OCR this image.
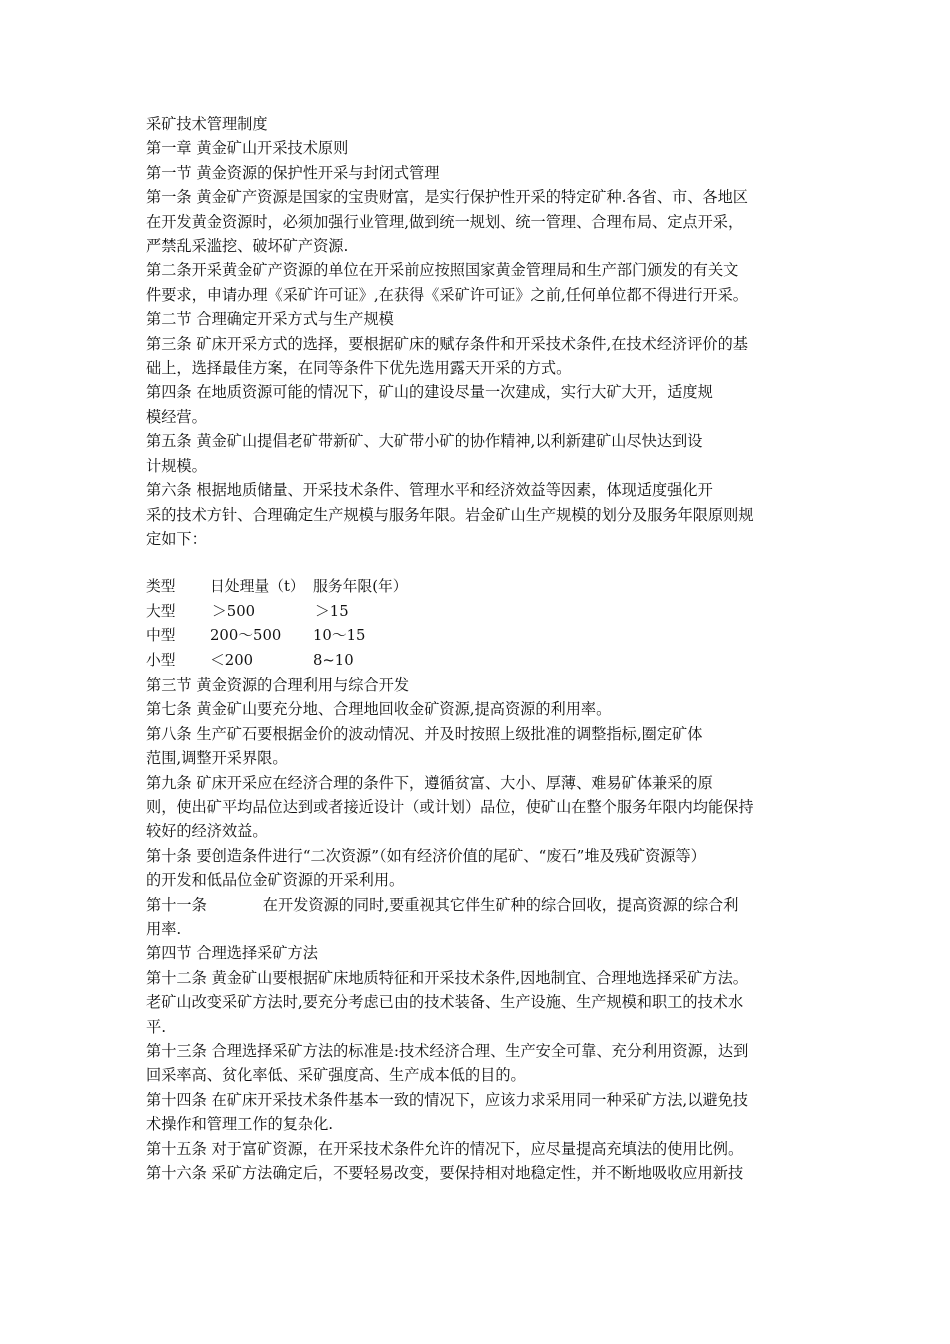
采矿技术管理制度
第一章 黄金矿山开采技术原则
第一节 黄金资源的保护性开采与封闭式管理
第一条 黄金矿产资源是国家的宝贵财富，是实行保护性开采的特定矿种.各省、市、各地区
在开发黄金资源时，必须加强行业管理,做到统一规划、统一管理、合理布局、定点开采，
严禁乱采滥挖、破坏矿产资源.
第二条开采黄金矿产资源的单位在开采前应按照国家黄金管理局和生产部门颁发的有关文
件要求，申请办理《采矿许可证》,在获得《采矿许可证》之前,任何单位都不得进行开采。
第二节 合理确定开采方式与生产规模
第三条 矿床开采方式的选择，要根据矿床的赋存条件和开采技术条件,在技术经济评价的基
础上，选择最佳方案，在同等条件下优先选用露天开采的方式。
第四条 在地质资源可能的情况下，矿山的建设尽量一次建成，实行大矿大开，适度规
模经营。
第五条 黄金矿山提倡老矿带新矿、大矿带小矿的协作精神,以利新建矿山尽快达到设
计规模。
第六条 根据地质储量、开采技术条件、管理水平和经济效益等因素，体现适度强化开
采的技术方针、合理确定生产规模与服务年限。岩金矿山生产规模的划分及服务年限原则规
定如下：
类型 日处理量（t） 服务年限(年）
大型 ＞500	＞15
中型 200～500 10～15
小型 ＜200	8~10
第三节 黄金资源的合理利用与综合开发
第七条 黄金矿山要充分地、合理地回收金矿资源,提高资源的利用率。
第八条 生产矿石要根据金价的波动情况、并及时按照上级批准的调整指标,圈定矿体
范围,调整开采界限。
第九条 矿床开采应在经济合理的条件下，遵循贫富、大小、厚薄、难易矿体兼采的原
则，使出矿平均品位达到或者接近设计（或计划）品位，使矿山在整个服务年限内均能保持
较好的经济效益。
第十条 要创造条件进行“二次资源”（如有经济价值的尾矿、“废石”堆及残矿资源等）
的开发和低品位金矿资源的开采利用。
第十一条	在开发资源的同时,要重视其它伴生矿种的综合回收，提高资源的综合利
用率.
第四节 合理选择采矿方法
第十二条 黄金矿山要根据矿床地质特征和开采技术条件,因地制宜、合理地选择采矿方法。
老矿山改变采矿方法时,要充分考虑已由的技术装备、生产设施、生产规模和职工的技术水
平.
第十三条 合理选择采矿方法的标准是:技术经济合理、生产安全可靠、充分利用资源，达到
回采率高、贫化率低、采矿强度高、生产成本低的目的。
第十四条 在矿床开采技术条件基本一致的情况下，应该力求采用同一种采矿方法,以避免技
术操作和管理工作的复杂化.
第十五条 对于富矿资源，在开采技术条件允许的情况下，应尽量提高充填法的使用比例。
第十六条 采矿方法确定后，不要轻易改变，要保持相对地稳定性，并不断地吸收应用新技
